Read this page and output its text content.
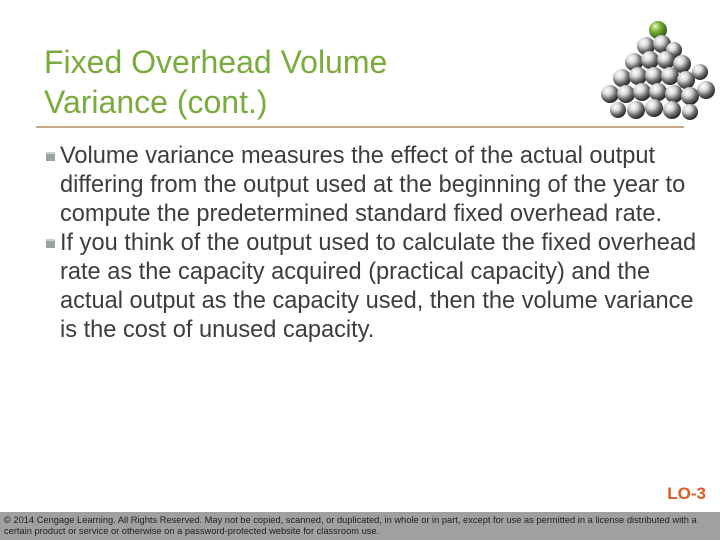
Fixed Overhead Volume
Variance (cont.)
Volume variance measures the effect of the actual output differing from the output used at the beginning of the year to compute the predetermined standard fixed overhead rate.
If you think of the output used to calculate the fixed overhead rate as the capacity acquired (practical capacity) and the actual output as the capacity used, then the volume variance is the cost of unused capacity.
LO-3
© 2014 Cengage Learning. All Rights Reserved. May not be copied, scanned, or duplicated, in whole or in part, except for use as permitted in a license distributed with a certain product or service or otherwise on a password-protected website for classroom use.
